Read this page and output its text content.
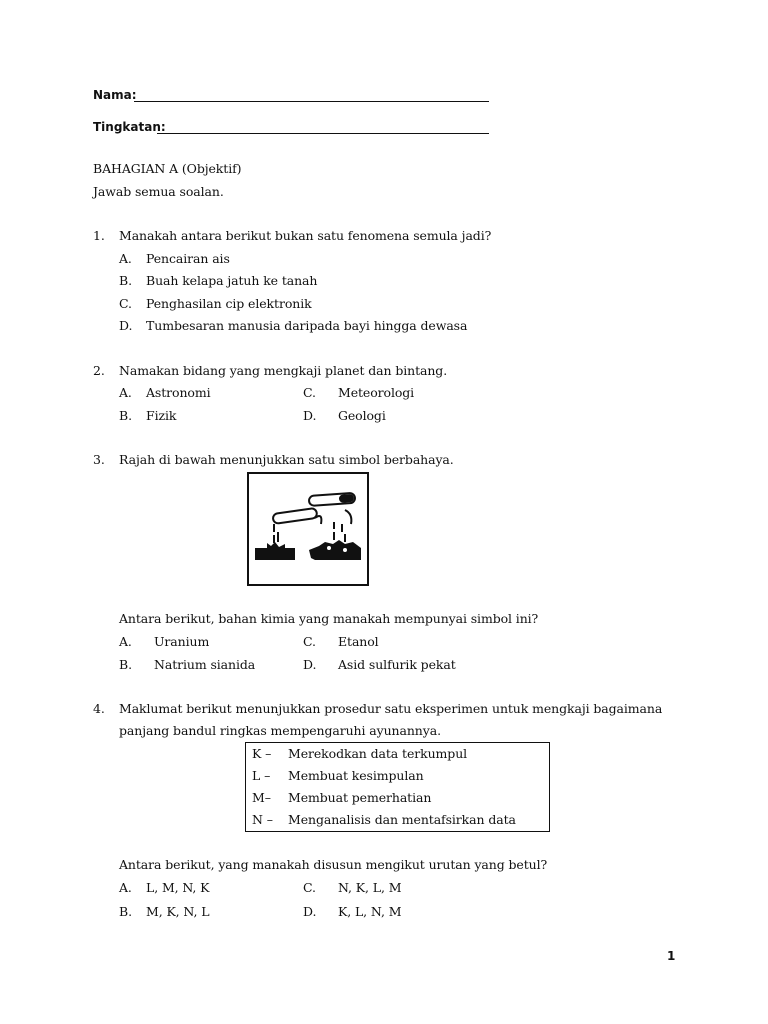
Nama:
Tingkatan:
BAHAGIAN A (Objektif)
Jawab semua soalan.
1. Manakah antara berikut bukan satu fenomena semula jadi?
A. Pencairan ais
B. Buah kelapa jatuh ke tanah
C. Penghasilan cip elektronik
D. Tumbesaran manusia daripada bayi hingga dewasa
2. Namakan bidang yang mengkaji planet dan bintang.
A. Astronomi
B. Fizik
C. Meteorologi
D. Geologi
3. Rajah di bawah menunjukkan satu simbol berbahaya.
Antara berikut, bahan kimia yang manakah mempunyai simbol ini?
A. Uranium
B. Natrium sianida
C. Etanol
D. Asid sulfurik pekat
4. Maklumat berikut menunjukkan prosedur satu eksperimen untuk mengkaji bagaimana
panjang bandul ringkas mempengaruhi ayunannya.
K – Merekodkan data terkumpul
L – Membuat kesimpulan
M– Membuat pemerhatian
N – Menganalisis dan mentafsirkan data
Antara berikut, yang manakah disusun mengikut urutan yang betul?
A. L, M, N, K
B. M, K, N, L
C. N, K, L, M
D. K, L, N, M
1
